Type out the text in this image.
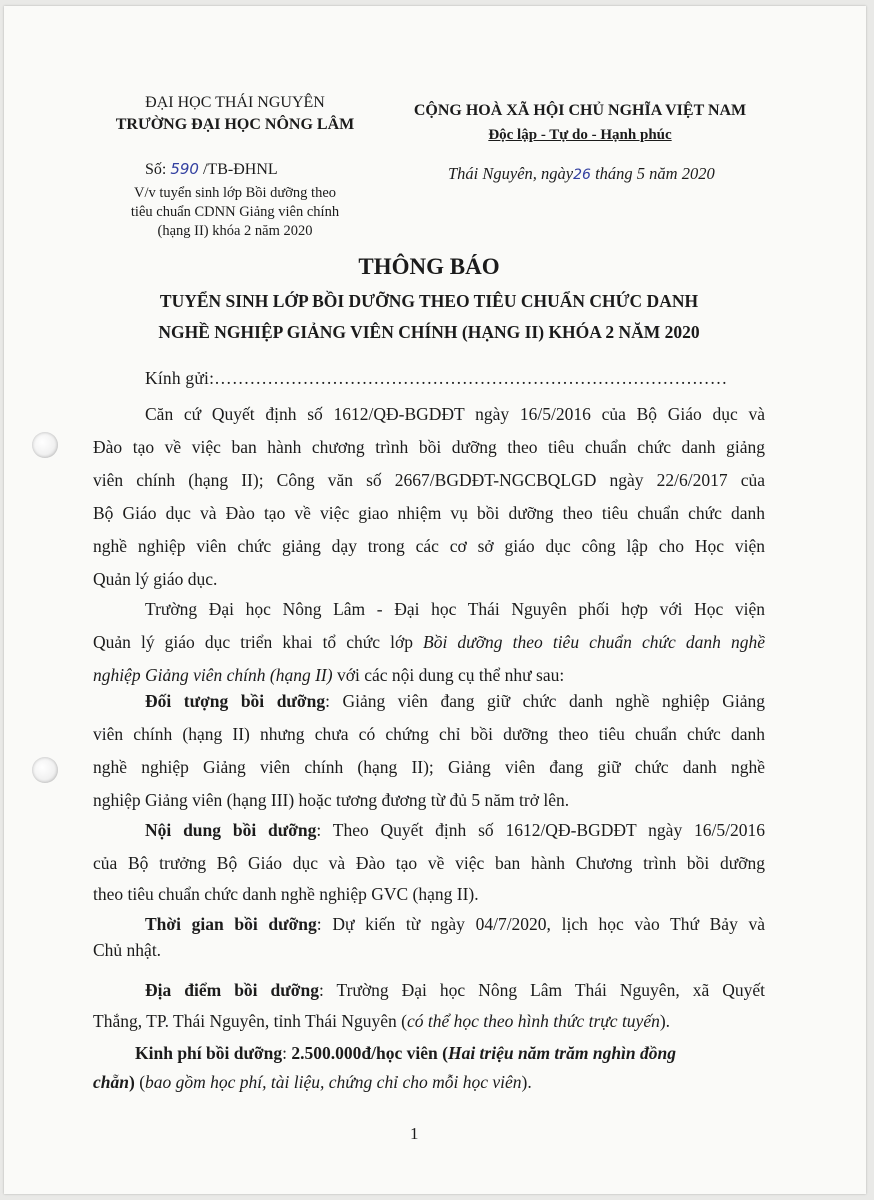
ĐẠI HỌC THÁI NGUYÊN
TRƯỜNG ĐẠI HỌC NÔNG LÂM
CỘNG HOÀ XÃ HỘI CHỦ NGHĨA VIỆT NAM
Độc lập - Tự do - Hạnh phúc
Số: 590 /TB-ĐHNL
V/v tuyển sinh lớp Bồi dưỡng theo
tiêu chuẩn CDNN Giảng viên chính
(hạng II) khóa 2 năm 2020
Thái Nguyên, ngày26 tháng 5 năm 2020
THÔNG BÁO
TUYỂN SINH LỚP BỒI DƯỠNG THEO TIÊU CHUẨN CHỨC DANH
NGHỀ NGHIỆP GIẢNG VIÊN CHÍNH (HẠNG II) KHÓA 2 NĂM 2020
Kính gửi:……………………………………………………………………………
Căn cứ Quyết định số 1612/QĐ-BGDĐT ngày 16/5/2016 của Bộ Giáo dục và
Đào tạo về việc ban hành chương trình bồi dưỡng theo tiêu chuẩn chức danh giảng
viên chính (hạng II); Công văn số 2667/BGDĐT-NGCBQLGD ngày 22/6/2017 của
Bộ Giáo dục và Đào tạo về việc giao nhiệm vụ bồi dưỡng theo tiêu chuẩn chức danh
nghề nghiệp viên chức giảng dạy trong các cơ sở giáo dục công lập cho Học viện
Quản lý giáo dục.
Trường Đại học Nông Lâm - Đại học Thái Nguyên phối hợp với Học viện
Quản lý giáo dục triển khai tổ chức lớp Bồi dưỡng theo tiêu chuẩn chức danh nghề
nghiệp Giảng viên chính (hạng II) với các nội dung cụ thể như sau:
Đối tượng bồi dưỡng: Giảng viên đang giữ chức danh nghề nghiệp Giảng
viên chính (hạng II) nhưng chưa có chứng chỉ bồi dưỡng theo tiêu chuẩn chức danh
nghề nghiệp Giảng viên chính (hạng II); Giảng viên đang giữ chức danh nghề
nghiệp Giảng viên (hạng III) hoặc tương đương từ đủ 5 năm trở lên.
Nội dung bồi dưỡng: Theo Quyết định số 1612/QĐ-BGDĐT ngày 16/5/2016
của Bộ trưởng Bộ Giáo dục và Đào tạo về việc ban hành Chương trình bồi dưỡng
theo tiêu chuẩn chức danh nghề nghiệp GVC (hạng II).
Thời gian bồi dưỡng: Dự kiến từ ngày 04/7/2020, lịch học vào Thứ Bảy và
Chủ nhật.
Địa điểm bồi dưỡng: Trường Đại học Nông Lâm Thái Nguyên, xã Quyết
Thắng, TP. Thái Nguyên, tỉnh Thái Nguyên (có thể học theo hình thức trực tuyến).
Kinh phí bồi dưỡng: 2.500.000đ/học viên (Hai triệu năm trăm nghìn đồng
chẵn) (bao gồm học phí, tài liệu, chứng chỉ cho mỗi học viên).
1
